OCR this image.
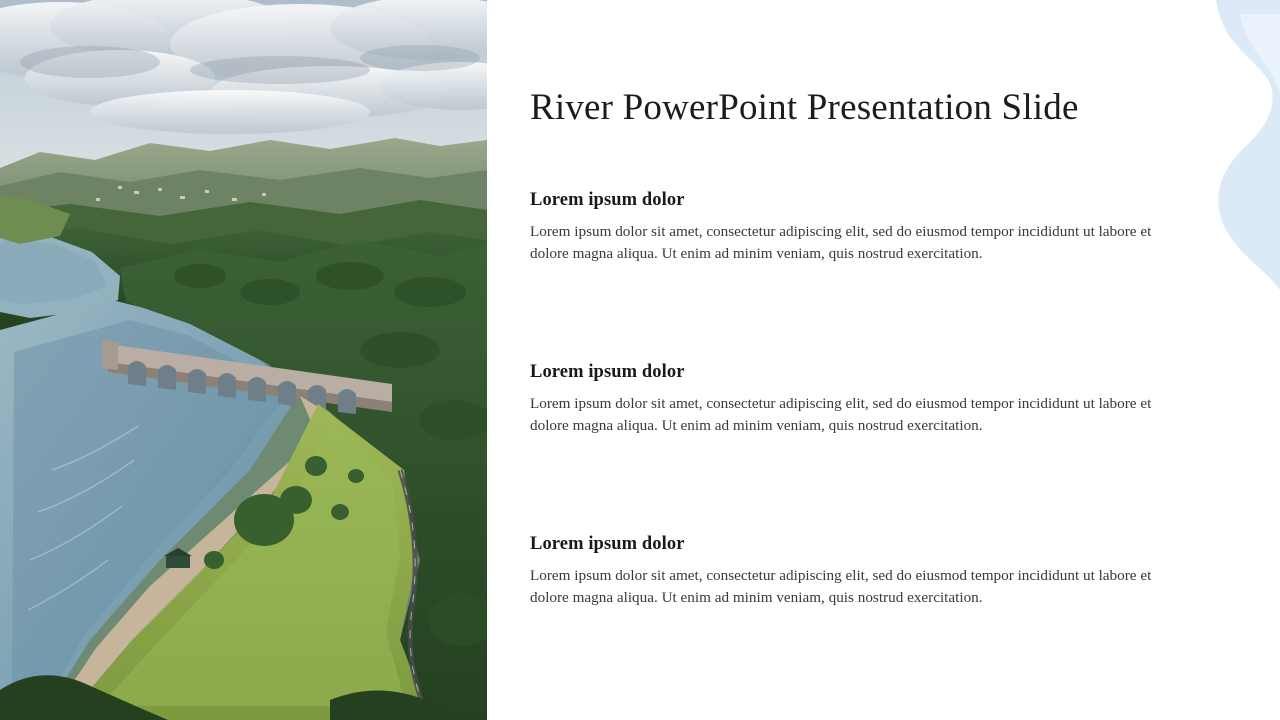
River PowerPoint Presentation Slide
Lorem ipsum dolor

Lorem ipsum dolor sit amet, consectetur adipiscing elit, sed do eiusmod tempor incididunt ut labore et dolore magna aliqua. Ut enim ad minim veniam, quis nostrud exercitation.

Lorem ipsum dolor

Lorem ipsum dolor sit amet, consectetur adipiscing elit, sed do eiusmod tempor incididunt ut labore et dolore magna aliqua. Ut enim ad minim veniam, quis nostrud exercitation.

Lorem ipsum dolor

Lorem ipsum dolor sit amet, consectetur adipiscing elit, sed do eiusmod tempor incididunt ut labore et dolore magna aliqua. Ut enim ad minim veniam, quis nostrud exercitation.
